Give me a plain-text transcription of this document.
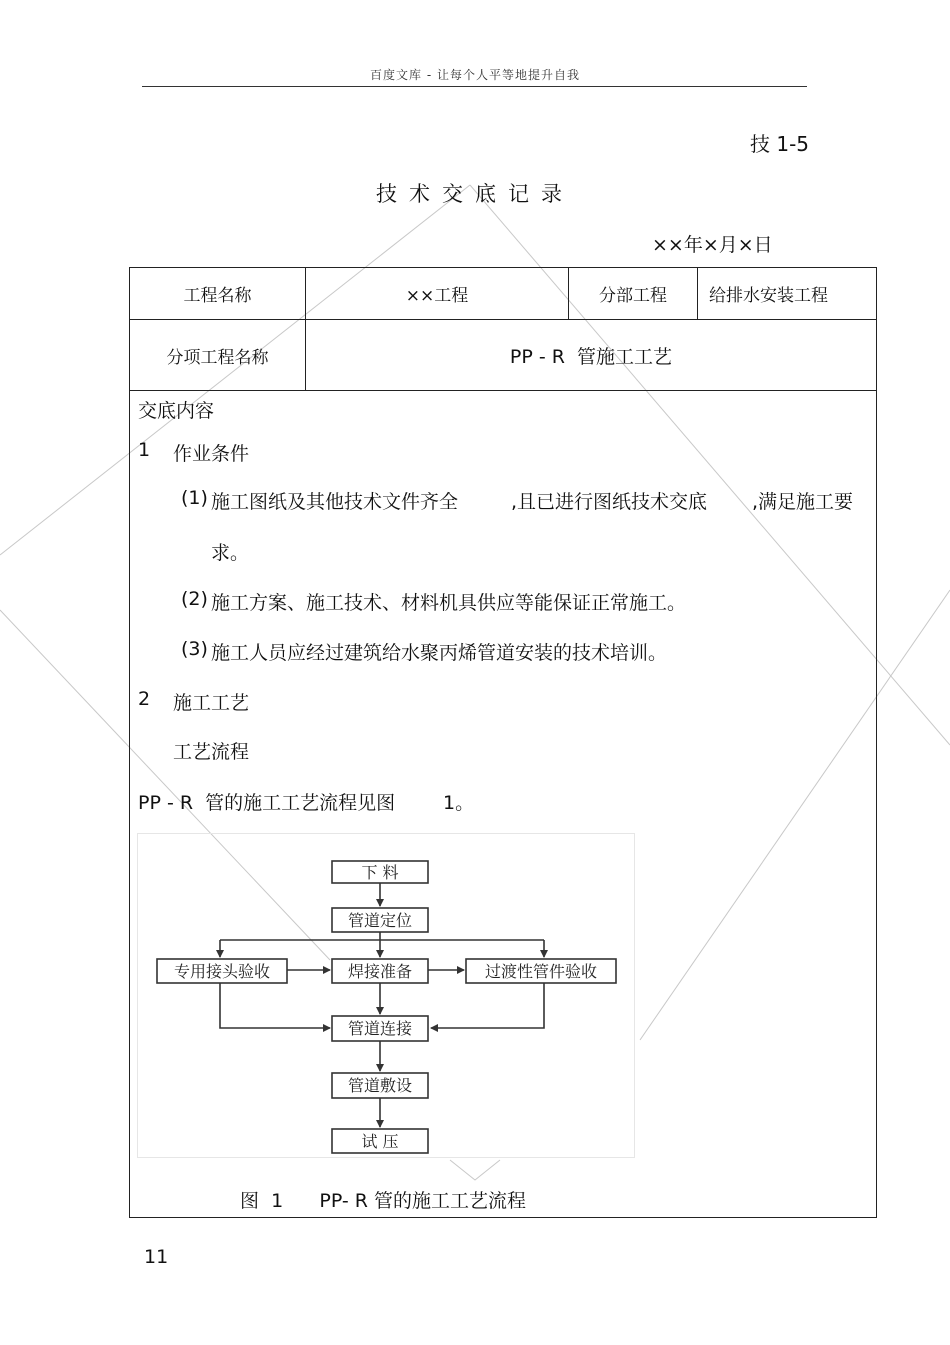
百度文库 - 让每个人平等地提升自我
技 1-5
技术交底记录
××年×月×日
工程名称	××工程	分部工程 给排水安装工程
分项工程名称	PP - R  管施工工艺
交底内容
1 作业条件
(1) 施工图纸及其他技术文件齐全	,且已进行图纸技术交底 ,满足施工要
求。
(2) 施工方案、施工技术、材料机具供应等能保证正常施工。
(3) 施工人员应经过建筑给水聚丙烯管道安装的技术培训。
2 施工工艺
工艺流程
PP - R  管的施工工艺流程见图	1。
下 料
管道定位
专用接头验收	焊接准备	过渡性管件验收
管道连接
管道敷设
试 压
图  1      PP- R 管的施工工艺流程
11
